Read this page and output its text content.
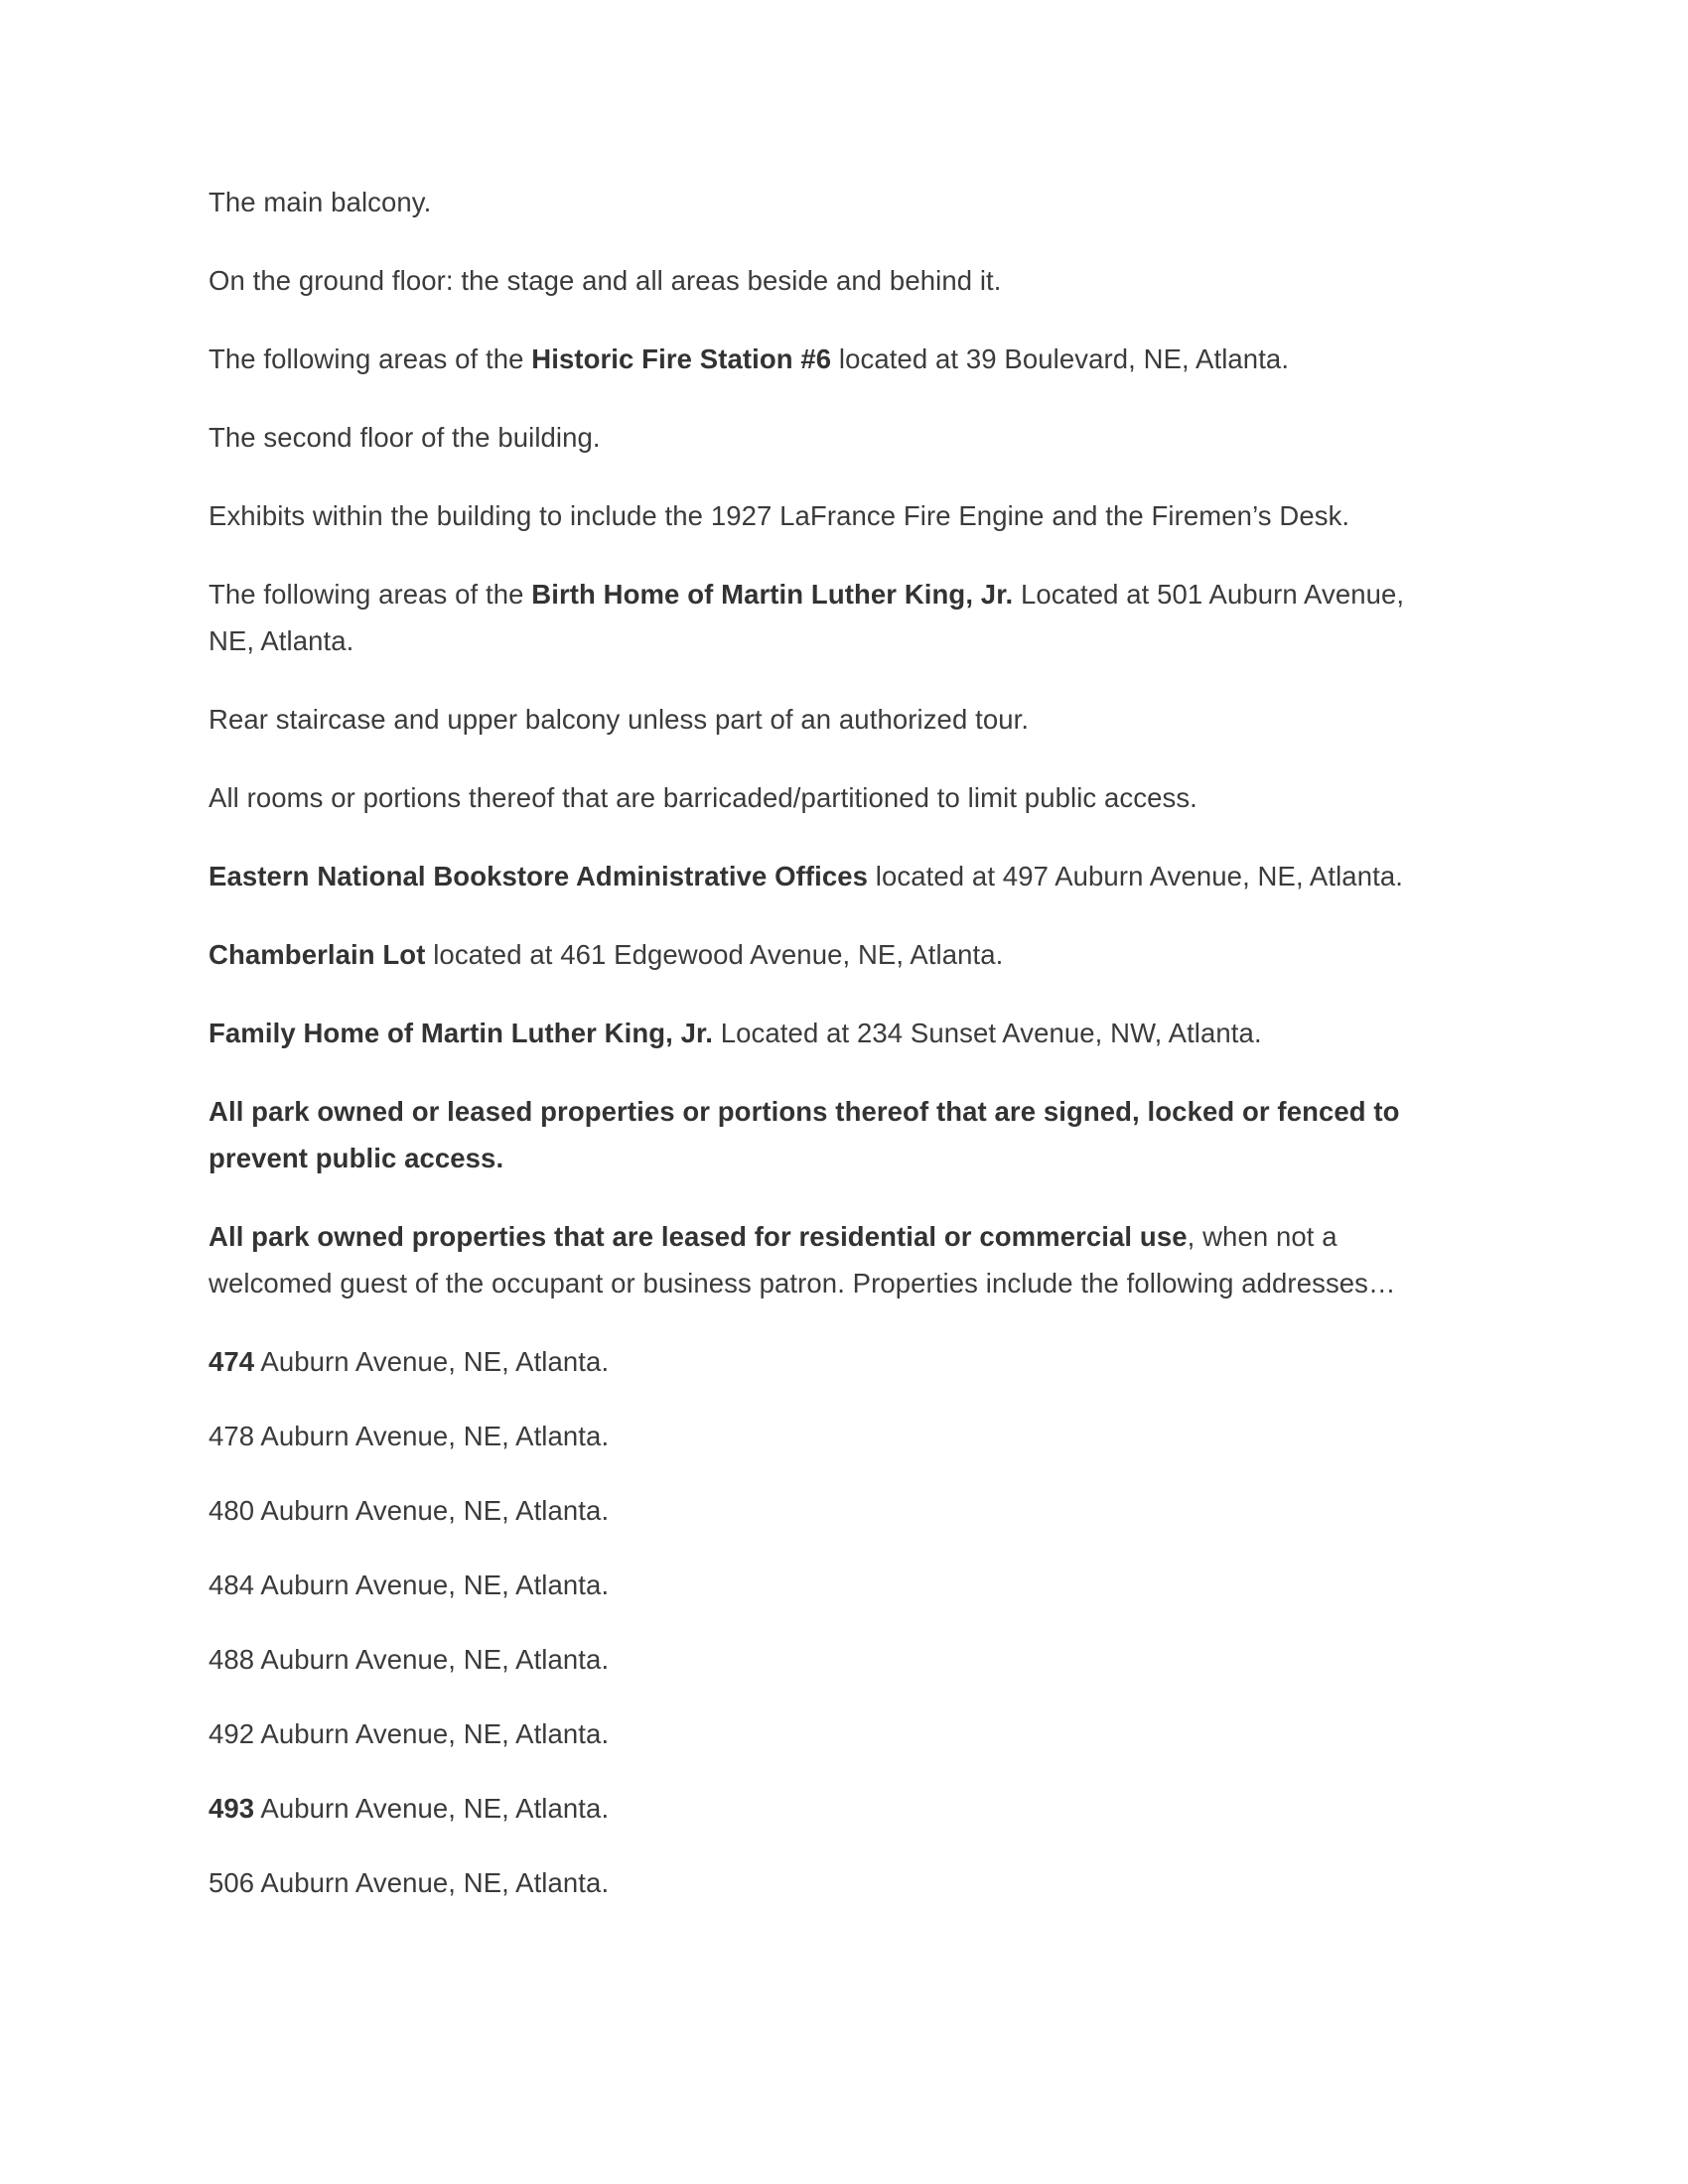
The main balcony.

On the ground floor: the stage and all areas beside and behind it.

The following areas of the Historic Fire Station #6 located at 39 Boulevard, NE, Atlanta.

The second floor of the building.

Exhibits within the building to include the 1927 LaFrance Fire Engine and the Firemen’s Desk.

The following areas of the Birth Home of Martin Luther King, Jr. Located at 501 Auburn Avenue, NE, Atlanta.

Rear staircase and upper balcony unless part of an authorized tour.

All rooms or portions thereof that are barricaded/partitioned to limit public access.

Eastern National Bookstore Administrative Offices located at 497 Auburn Avenue, NE, Atlanta.

Chamberlain Lot located at 461 Edgewood Avenue, NE, Atlanta.

Family Home of Martin Luther King, Jr. Located at 234 Sunset Avenue, NW, Atlanta.

All park owned or leased properties or portions thereof that are signed, locked or fenced to prevent public access.

All park owned properties that are leased for residential or commercial use, when not a welcomed guest of the occupant or business patron. Properties include the following addresses…

474 Auburn Avenue, NE, Atlanta.

478 Auburn Avenue, NE, Atlanta.

480 Auburn Avenue, NE, Atlanta.

484 Auburn Avenue, NE, Atlanta.

488 Auburn Avenue, NE, Atlanta.

492 Auburn Avenue, NE, Atlanta.

493 Auburn Avenue, NE, Atlanta.

506 Auburn Avenue, NE, Atlanta.
